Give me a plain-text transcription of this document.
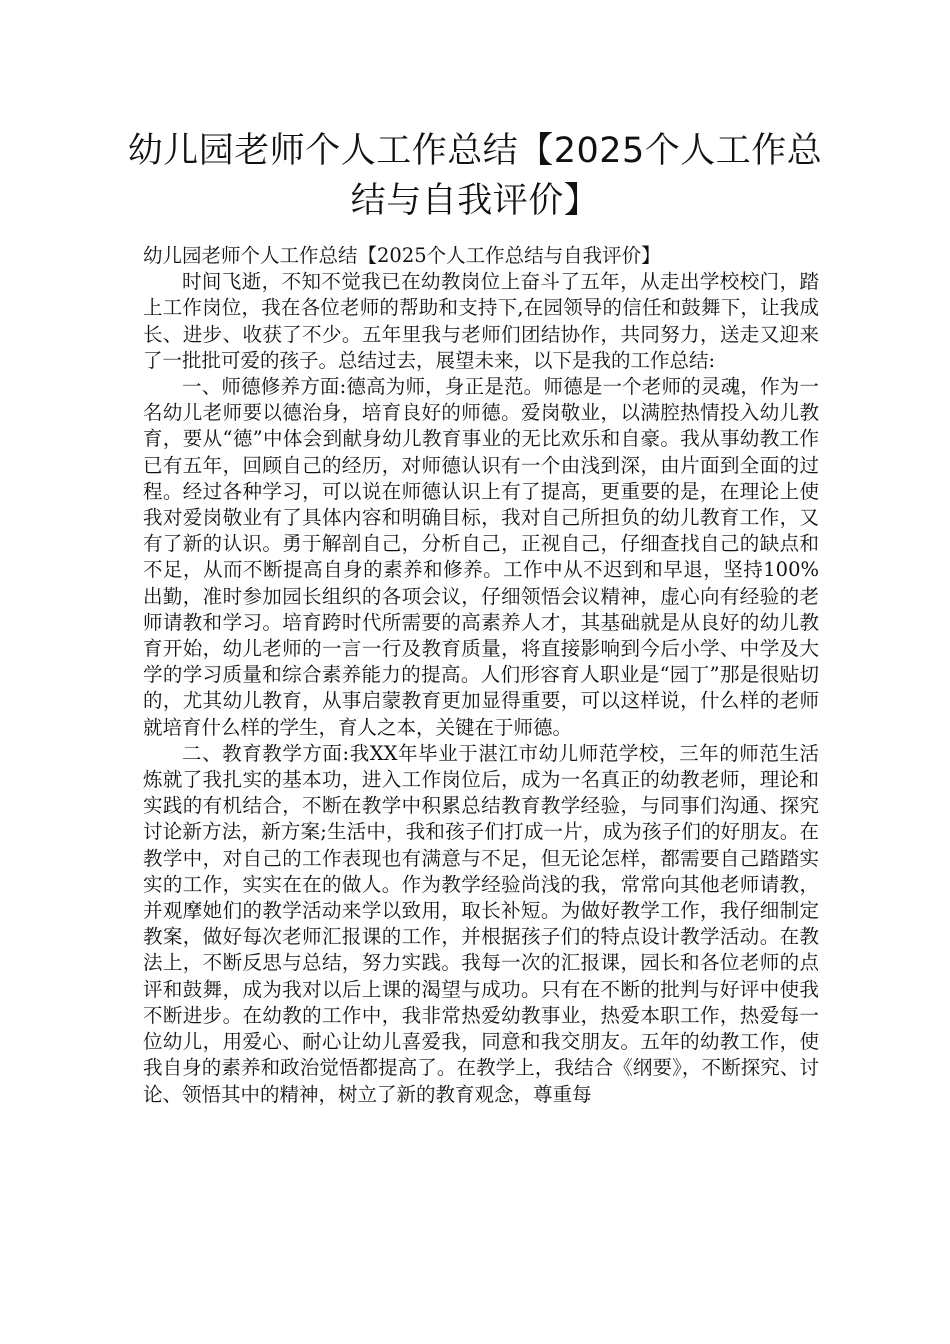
幼儿园老师个人工作总结【2025个人工作总结与自我评价】

幼儿园老师个人工作总结【2025个人工作总结与自我评价】

时间飞逝，不知不觉我已在幼教岗位上奋斗了五年，从走出学校校门，踏上工作岗位，我在各位老师的帮助和支持下,在园领导的信任和鼓舞下，让我成长、进步、收获了不少。五年里我与老师们团结协作，共同努力，送走又迎来了一批批可爱的孩子。总结过去，展望未来，以下是我的工作总结:

一、师德修养方面:德高为师，身正是范。师德是一个老师的灵魂，作为一名幼儿老师要以德治身，培育良好的师德。爱岗敬业，以满腔热情投入幼儿教育，要从“德”中体会到献身幼儿教育事业的无比欢乐和自豪。我从事幼教工作已有五年，回顾自己的经历，对师德认识有一个由浅到深，由片面到全面的过程。经过各种学习，可以说在师德认识上有了提高，更重要的是，在理论上使我对爱岗敬业有了具体内容和明确目标，我对自己所担负的幼儿教育工作，又有了新的认识。勇于解剖自己，分析自己，正视自己，仔细查找自己的缺点和不足，从而不断提高自身的素养和修养。工作中从不迟到和早退，坚持100%出勤，准时参加园长组织的各项会议，仔细领悟会议精神，虚心向有经验的老师请教和学习。培育跨时代所需要的高素养人才，其基础就是从良好的幼儿教育开始，幼儿老师的一言一行及教育质量，将直接影响到今后小学、中学及大学的学习质量和综合素养能力的提高。人们形容育人职业是“园丁”那是很贴切的，尤其幼儿教育，从事启蒙教育更加显得重要，可以这样说，什么样的老师就培育什么样的学生，育人之本，关键在于师德。

二、教育教学方面:我XX年毕业于湛江市幼儿师范学校，三年的师范生活炼就了我扎实的基本功，进入工作岗位后，成为一名真正的幼教老师，理论和实践的有机结合，不断在教学中积累总结教育教学经验，与同事们沟通、探究讨论新方法，新方案;生活中，我和孩子们打成一片，成为孩子们的好朋友。在教学中，对自己的工作表现也有满意与不足，但无论怎样，都需要自己踏踏实实的工作，实实在在的做人。作为教学经验尚浅的我，常常向其他老师请教，并观摩她们的教学活动来学以致用，取长补短。为做好教学工作，我仔细制定教案，做好每次老师汇报课的工作，并根据孩子们的特点设计教学活动。在教法上，不断反思与总结，努力实践。我每一次的汇报课，园长和各位老师的点评和鼓舞，成为我对以后上课的渴望与成功。只有在不断的批判与好评中使我不断进步。在幼教的工作中，我非常热爱幼教事业，热爱本职工作，热爱每一位幼儿，用爱心、耐心让幼儿喜爱我，同意和我交朋友。五年的幼教工作，使我自身的素养和政治觉悟都提高了。在教学上，我结合《纲要》，不断探究、讨论、领悟其中的精神，树立了新的教育观念，尊重每
